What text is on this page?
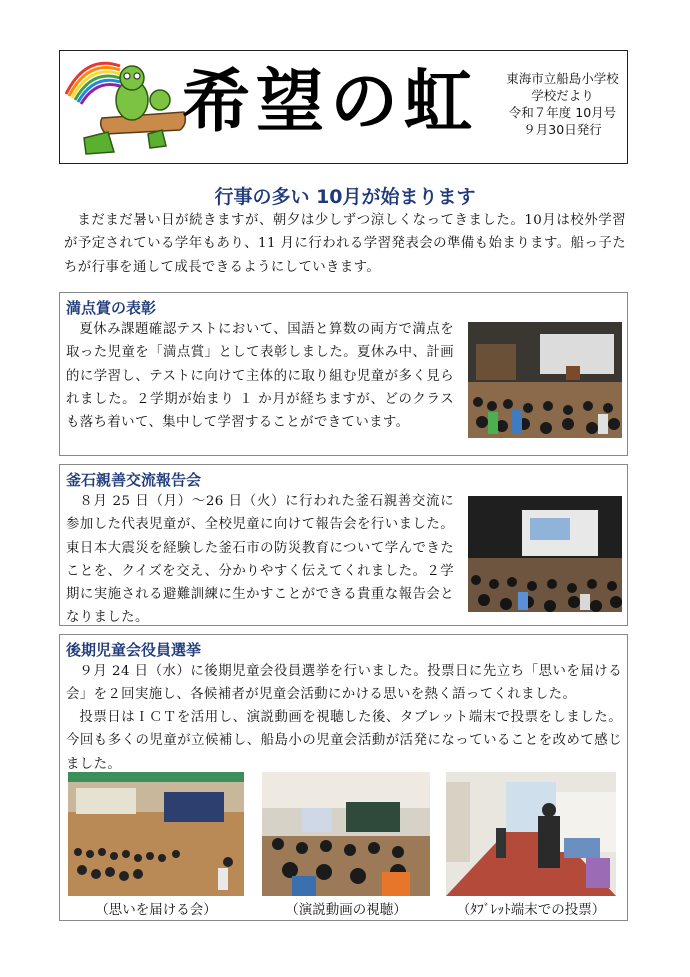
希望の虹	東海市立船島小学校
学校だより
令和７年度 10月号
９月30日発行
行事の多い 10月が始まります
まだまだ暑い日が続きますが、朝夕は少しずつ涼しくなってきました。10月は校外学習が予定されている学年もあり、11 月に行われる学習発表会の準備も始まります。船っ子たちが行事を通して成長できるようにしていきます。
満点賞の表彰
夏休み課題確認テストにおいて、国語と算数の両方で満点を取った児童を「満点賞」として表彰しました。夏休み中、計画的に学習し、テストに向けて主体的に取り組む児童が多く見られました。２学期が始まり １ か月が経ちますが、どのクラスも落ち着いて、集中して学習することができています。
釜石親善交流報告会
８月 25 日（月）～26 日（火）に行われた釜石親善交流に参加した代表児童が、全校児童に向けて報告会を行いました。東日本大震災を経験した釜石市の防災教育について学んできたことを、クイズを交え、分かりやすく伝えてくれました。２学期に実施される避難訓練に生かすことができる貴重な報告会となりました。
後期児童会役員選挙
９月 24 日（水）に後期児童会役員選挙を行いました。投票日に先立ち「思いを届ける会」を２回実施し、各候補者が児童会活動にかける思いを熱く語ってくれました。
投票日はＩＣＴを活用し、演説動画を視聴した後、タブレット端末で投票をしました。今回も多くの児童が立候補し、船島小の児童会活動が活発になっていることを改めて感じました。
（思いを届ける会）	（演説動画の視聴）	（ﾀﾌﾞﾚｯﾄ端末での投票）
